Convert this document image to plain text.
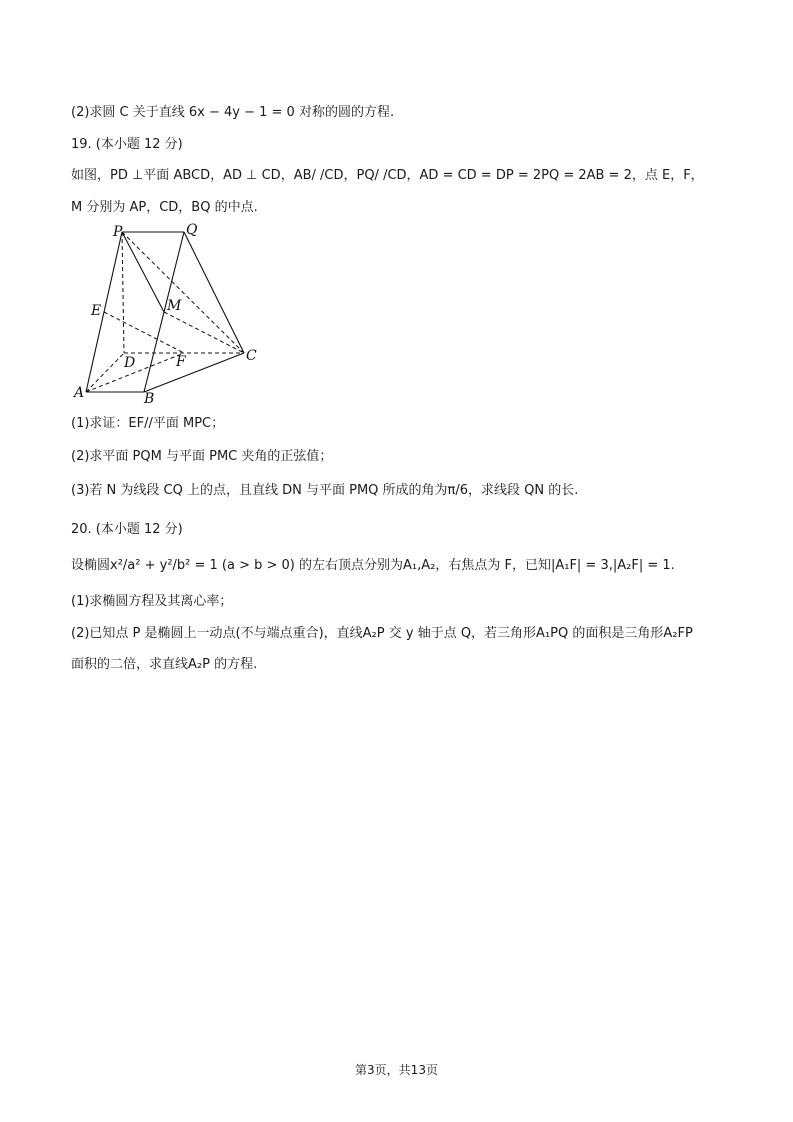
(2)求圆 C 关于直线 6x − 4y − 1 = 0 对称的圆的方程.
19. (本小题 12 分)
如图，PD ⊥平面 ABCD，AD ⊥ CD，AB/ /CD，PQ/ /CD，AD = CD = DP = 2PQ = 2AB = 2，点 E，F，
M 分别为 AP，CD，BQ 的中点.
P	Q
E	M
D	F	C
A	B
(1)求证：EF//平面 MPC；
(2)求平面 PQM 与平面 PMC 夹角的正弦值；
(3)若 N 为线段 CQ 上的点，且直线 DN 与平面 PMQ 所成的角为π/6，求线段 QN 的长.
20. (本小题 12 分)
设椭圆x²/a² + y²/b² = 1 (a > b > 0) 的左右顶点分别为A₁,A₂，右焦点为 F，已知|A₁F| = 3,|A₂F| = 1.
(1)求椭圆方程及其离心率；
(2)已知点 P 是椭圆上一动点(不与端点重合)，直线A₂P 交 y 轴于点 Q，若三角形A₁PQ 的面积是三角形A₂FP
面积的二倍，求直线A₂P 的方程.
第3页，共13页
